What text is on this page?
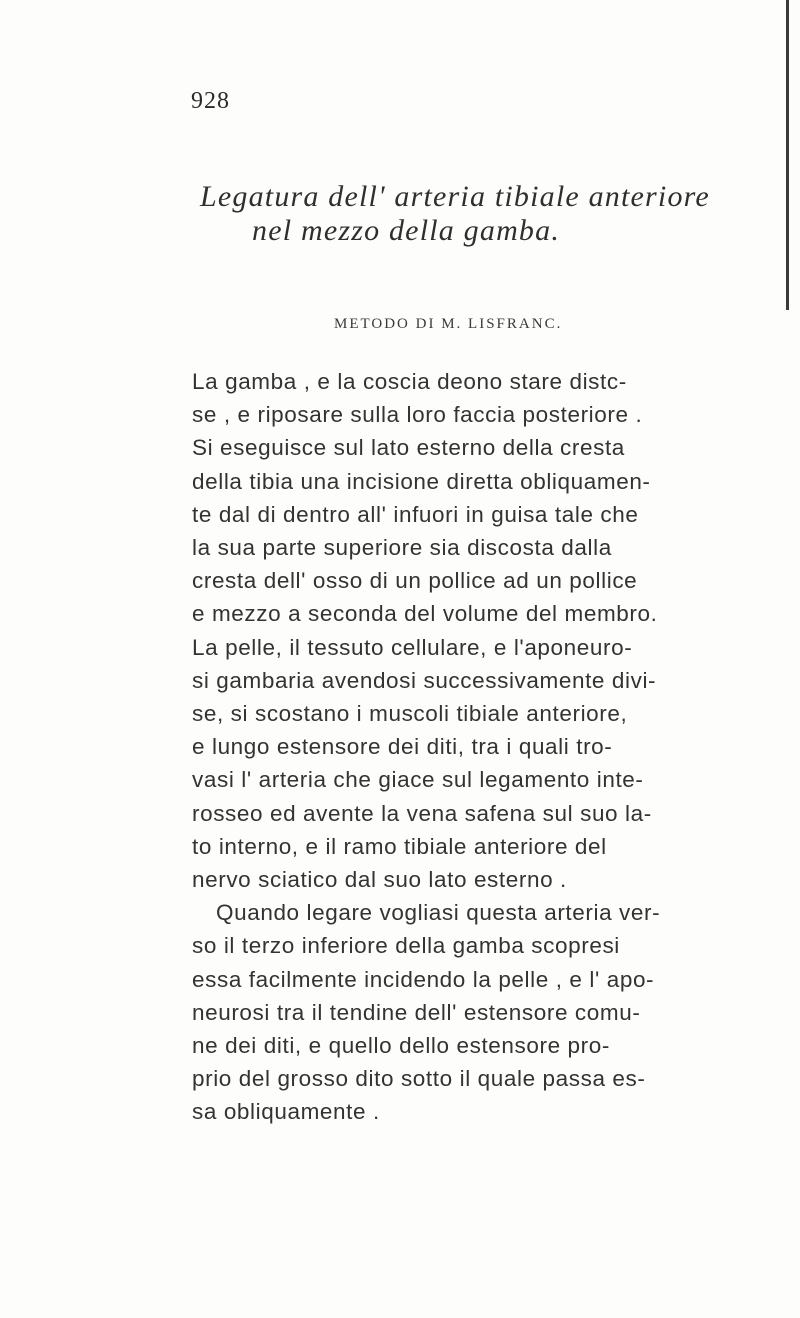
928

Legatura dell' arteria tibiale anteriore
nel mezzo della gamba.

METODO DI M. LISFRANC.

La gamba , e la coscia deono stare distc-
se , e riposare sulla loro faccia posteriore .
Si eseguisce sul lato esterno della cresta
della tibia una incisione diretta obliquamen-
te dal di dentro all' infuori in guisa tale che
la sua parte superiore sia discosta dalla
cresta dell' osso di un pollice ad un pollice
e mezzo a seconda del volume del membro.
La pelle, il tessuto cellulare, e l'aponeuro-
si gambaria avendosi successivamente divi-
se, si scostano i muscoli tibiale anteriore,
e lungo estensore dei diti, tra i quali tro-
vasi l' arteria che giace sul legamento inte-
rosseo ed avente la vena safena sul suo la-
to interno, e il ramo tibiale anteriore del
nervo sciatico dal suo lato esterno .
Quando legare vogliasi questa arteria ver-
so il terzo inferiore della gamba scopresi
essa facilmente incidendo la pelle , e l' apo-
neurosi tra il tendine dell' estensore comu-
ne dei diti, e quello dello estensore pro-
prio del grosso dito sotto il quale passa es-
sa obliquamente .
